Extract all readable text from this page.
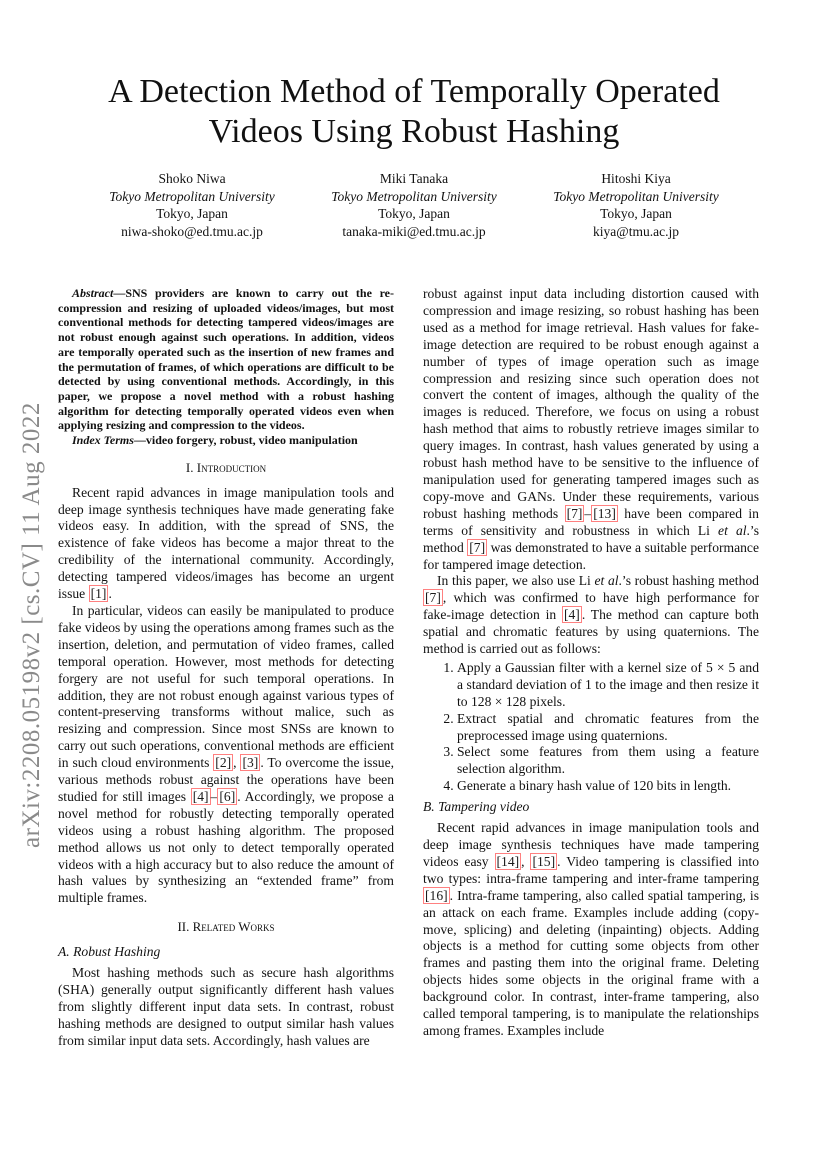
arXiv:2208.05198v2 [cs.CV] 11 Aug 2022
A Detection Method of Temporally Operated Videos Using Robust Hashing
Shoko Niwa
Tokyo Metropolitan University
Tokyo, Japan
niwa-shoko@ed.tmu.ac.jp
Miki Tanaka
Tokyo Metropolitan University
Tokyo, Japan
tanaka-miki@ed.tmu.ac.jp
Hitoshi Kiya
Tokyo Metropolitan University
Tokyo, Japan
kiya@tmu.ac.jp

Abstract—SNS providers are known to carry out the re-compression and resizing of uploaded videos/images, but most conventional methods for detecting tampered videos/images are not robust enough against such operations. In addition, videos are temporally operated such as the insertion of new frames and the permutation of frames, of which operations are difficult to be detected by using conventional methods. Accordingly, in this paper, we propose a novel method with a robust hashing algorithm for detecting temporally operated videos even when applying resizing and compression to the videos.

Index Terms—video forgery, robust, video manipulation

I. Introduction

Recent rapid advances in image manipulation tools and deep image synthesis techniques have made generating fake videos easy. In addition, with the spread of SNS, the existence of fake videos has become a major threat to the credibility of the international community. Accordingly, detecting tampered videos/images has become an urgent issue [1] .

In particular, videos can easily be manipulated to produce fake videos by using the operations among frames such as the insertion, deletion, and permutation of video frames, called temporal operation. However, most methods for detecting forgery are not useful for such temporal operations. In addition, they are not robust enough against various types of content-preserving transforms without malice, such as resizing and compression. Since most SNSs are known to carry out such operations, conventional methods are efficient in such cloud environments [2] , [3] . To overcome the issue, various methods robust against the operations have been studied for still images [4] – [6] . Accordingly, we propose a novel method for robustly detecting temporally operated videos using a robust hashing algorithm. The proposed method allows us not only to detect temporally operated videos with a high accuracy but to also reduce the amount of hash values by synthesizing an “extended frame” from multiple frames.

II. Related Works
A. Robust Hashing

Most hashing methods such as secure hash algorithms (SHA) generally output significantly different hash values from slightly different input data sets. In contrast, robust hashing methods are designed to output similar hash values from similar input data sets. Accordingly, hash values are

robust against input data including distortion caused with compression and image resizing, so robust hashing has been used as a method for image retrieval. Hash values for fake-image detection are required to be robust enough against a number of types of image operation such as image compression and resizing since such operation does not convert the content of images, although the quality of the images is reduced. Therefore, we focus on using a robust hash method that aims to robustly retrieve images similar to query images. In contrast, hash values generated by using a robust hash method have to be sensitive to the influence of manipulation used for generating tampered images such as copy-move and GANs. Under these requirements, various robust hashing methods [7] – [13] have been compared in terms of sensitivity and robustness in which Li et al.’s method [7] was demonstrated to have a suitable performance for tampered image detection.

In this paper, we also use Li et al.’s robust hashing method [7] , which was confirmed to have high performance for fake-image detection in [4] . The method can capture both spatial and chromatic features by using quaternions. The method is carried out as follows:

1. Apply a Gaussian filter with a kernel size of 5 × 5 and a standard deviation of 1 to the image and then resize it to 128 × 128 pixels.
2. Extract spatial and chromatic features from the preprocessed image using quaternions.
3. Select some features from them using a feature selection algorithm.
4. Generate a binary hash value of 120 bits in length.
B. Tampering video

Recent rapid advances in image manipulation tools and deep image synthesis techniques have made tampering videos easy [14] , [15] . Video tampering is classified into two types: intra-frame tampering and inter-frame tampering [16] . Intra-frame tampering, also called spatial tampering, is an attack on each frame. Examples include adding (copy-move, splicing) and deleting (inpainting) objects. Adding objects is a method for cutting some objects from other frames and pasting them into the original frame. Deleting objects hides some objects in the original frame with a background color. In contrast, inter-frame tampering, also called temporal tampering, is to manipulate the relationships among frames. Examples include
